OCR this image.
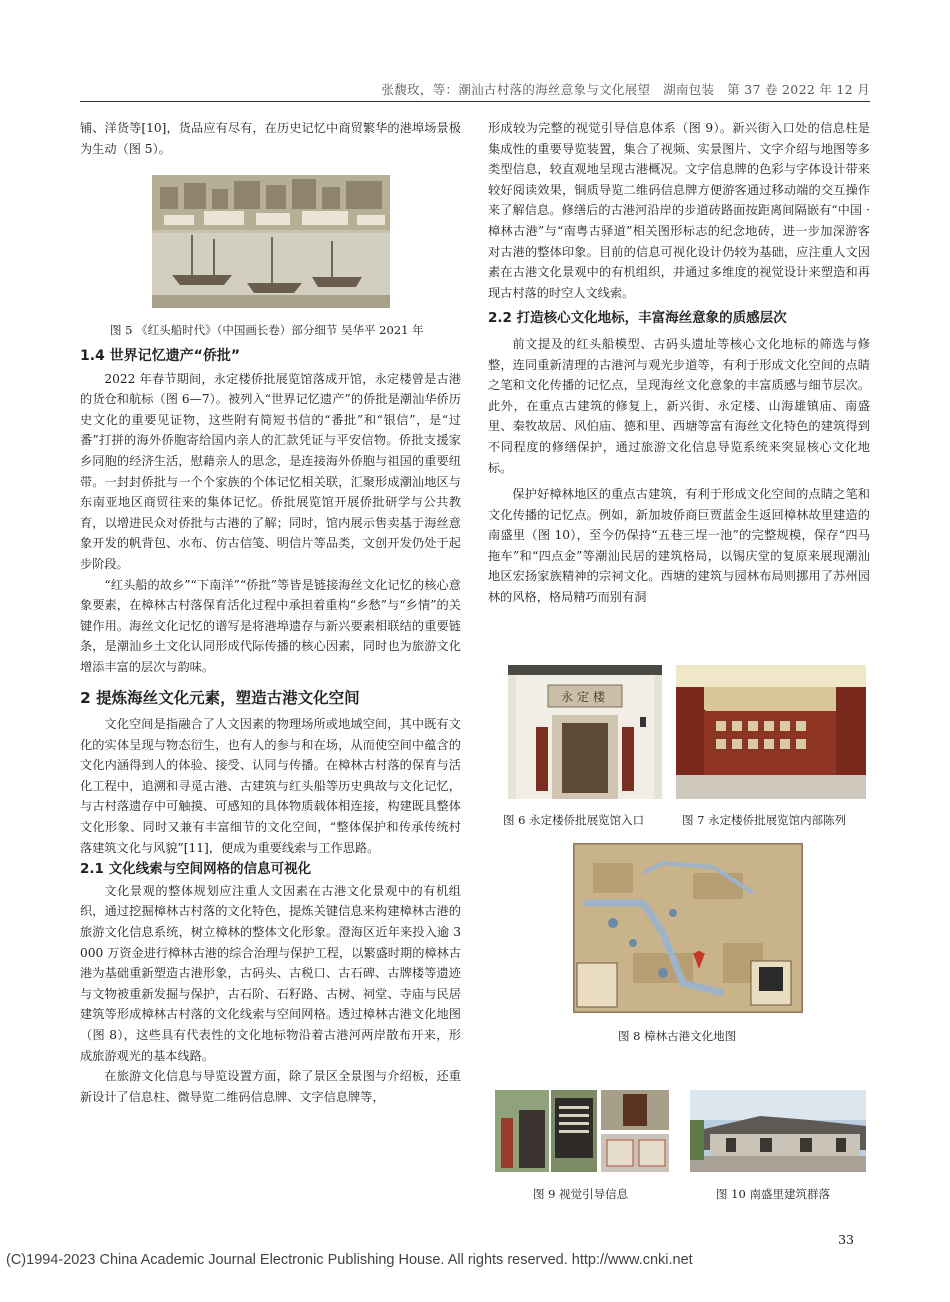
张馥玫，等：潮汕古村落的海丝意象与文化展望　湖南包装　第 37 卷 2022 年 12 月

铺、洋货等[10]，货品应有尽有，在历史记忆中商贸繁华的港埠场景极为生动（图 5）。

图 5 《红头船时代》（中国画长卷）部分细节 吴华平 2021 年
1.4 世界记忆遗产“侨批”

2022 年春节期间，永定楼侨批展览馆落成开馆，永定楼曾是古港的货仓和航标（图 6—7）。被列入“世界记忆遗产”的侨批是潮汕华侨历史文化的重要见证物，这些附有简短书信的“番批”和“银信”，是“过番”打拼的海外侨胞寄给国内亲人的汇款凭证与平安信物。侨批支援家乡同胞的经济生活，慰藉亲人的思念，是连接海外侨胞与祖国的重要纽带。一封封侨批与一个个家族的个体记忆相关联，汇聚形成潮汕地区与东南亚地区商贸往来的集体记忆。侨批展览馆开展侨批研学与公共教育，以增进民众对侨批与古港的了解；同时，馆内展示售卖基于海丝意象开发的帆背包、水布、仿古信笺、明信片等品类，文创开发仍处于起步阶段。

“红头船的故乡”“下南洋”“侨批”等皆是链接海丝文化记忆的核心意象要素，在樟林古村落保育活化过程中承担着重构“乡愁”与“乡情”的关键作用。海丝文化记忆的谱写是将港埠遗存与新兴要素相联结的重要链条，是潮汕乡土文化认同形成代际传播的核心因素，同时也为旅游文化增添丰富的层次与韵味。

2 提炼海丝文化元素，塑造古港文化空间

文化空间是指融合了人文因素的物理场所或地域空间，其中既有文化的实体呈现与物态衍生，也有人的参与和在场，从而使空间中蕴含的文化内涵得到人的体验、接受、认同与传播。在樟林古村落的保育与活化工程中，追溯和寻觅古港、古建筑与红头船等历史典故与文化记忆，与古村落遗存中可触摸、可感知的具体物质载体相连接，构建既具整体文化形象、同时又兼有丰富细节的文化空间，“整体保护和传承传统村落建筑文化与风貌”[11]，便成为重要线索与工作思路。

2.1 文化线索与空间网格的信息可视化

文化景观的整体规划应注重人文因素在古港文化景观中的有机组织，通过挖掘樟林古村落的文化特色，提炼关键信息来构建樟林古港的旅游文化信息系统，树立樟林的整体文化形象。澄海区近年来投入逾 3 000 万资金进行樟林古港的综合治理与保护工程，以繁盛时期的樟林古港为基础重新塑造古港形象，古码头、古税口、古石碑、古牌楼等遗迹与文物被重新发掘与保护，古石阶、石籽路、古树、祠堂、寺庙与民居建筑等形成樟林古村落的文化线索与空间网格。透过樟林古港文化地图（图 8），这些具有代表性的文化地标物沿着古港河两岸散布开来，形成旅游观光的基本线路。

在旅游文化信息与导览设置方面，除了景区全景图与介绍板，还重新设计了信息柱、微导览二维码信息牌、文字信息牌等，

形成较为完整的视觉引导信息体系（图 9）。新兴街入口处的信息柱是集成性的重要导览装置，集合了视频、实景图片、文字介绍与地图等多类型信息，较直观地呈现古港概况。文字信息牌的色彩与字体设计带来较好阅读效果，铜质导览二维码信息牌方便游客通过移动端的交互操作来了解信息。修缮后的古港河沿岸的步道砖路面按距离间隔嵌有“中国 · 樟林古港”与“南粤古驿道”相关图形标志的纪念地砖，进一步加深游客对古港的整体印象。目前的信息可视化设计仍较为基础，应注重人文因素在古港文化景观中的有机组织，并通过多维度的视觉设计来塑造和再现古村落的时空人文线索。

2.2 打造核心文化地标，丰富海丝意象的质感层次

前文提及的红头船模型、古码头遗址等核心文化地标的筛选与修整，连同重新清理的古港河与观光步道等，有利于形成文化空间的点睛之笔和文化传播的记忆点，呈现海丝文化意象的丰富质感与细节层次。此外，在重点古建筑的修复上，新兴街、永定楼、山海雄镇庙、南盛里、秦牧故居、风伯庙、德和里、西塘等富有海丝文化特色的建筑得到不同程度的修缮保护，通过旅游文化信息导览系统来突显核心文化地标。

保护好樟林地区的重点古建筑，有利于形成文化空间的点睛之笔和文化传播的记忆点。例如，新加坡侨商巨贾蓝金生返回樟林故里建造的南盛里（图 10），至今仍保持“五巷三埕一池”的完整规模，保存“四马拖车”和“四点金”等潮汕民居的建筑格局，以锡庆堂的复原来展现潮汕地区宏扬家族精神的宗祠文化。西塘的建筑与园林布局则挪用了苏州园林的风格，格局精巧而别有洞

永定楼
图 6 永定楼侨批展览馆入口	图 7 永定楼侨批展览馆内部陈列
图 8 樟林古港文化地图
图 9 视觉引导信息	图 10 南盛里建筑群落
33
(C)1994-2023 China Academic Journal Electronic Publishing House. All rights reserved. http://www.cnki.net
